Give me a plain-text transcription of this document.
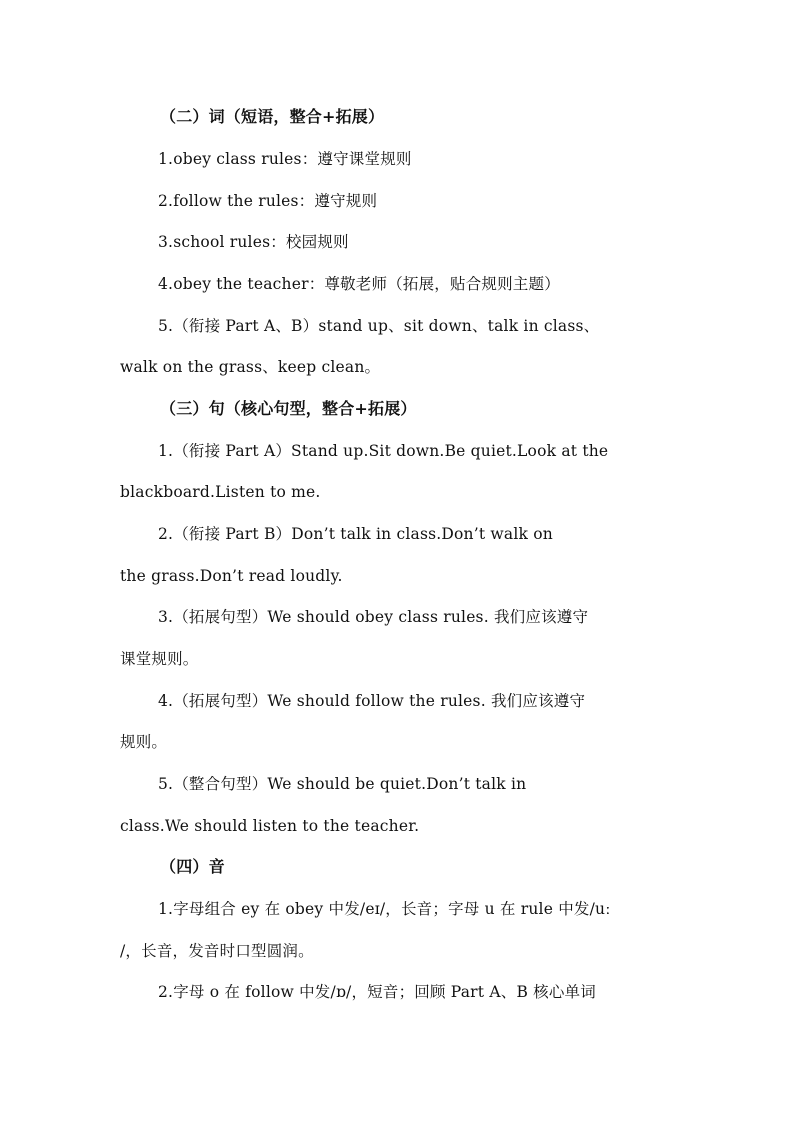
（二）词（短语，整合+拓展）
1.obey class rules：遵守课堂规则
2.follow the rules：遵守规则
3.school rules：校园规则
4.obey the teacher：尊敬老师（拓展，贴合规则主题）
5.（衔接 Part A、B）stand up、sit down、talk in class、
walk on the grass、keep clean。
（三）句（核心句型，整合+拓展）
1.（衔接 Part A）Stand up.Sit down.Be quiet.Look at the
blackboard.Listen to me.
2.（衔接 Part B）Don’t talk in class.Don’t walk on
the grass.Don’t read loudly.
3.（拓展句型）We should obey class rules. 我们应该遵守
课堂规则。
4.（拓展句型）We should follow the rules. 我们应该遵守
规则。
5.（整合句型）We should be quiet.Don’t talk in
class.We should listen to the teacher.
（四）音
1.字母组合 ey 在 obey 中发/eɪ/，长音；字母 u 在 rule 中发/uː
/，长音，发音时口型圆润。
2.字母 o 在 follow 中发/ɒ/，短音；回顾 Part A、B 核心单词
